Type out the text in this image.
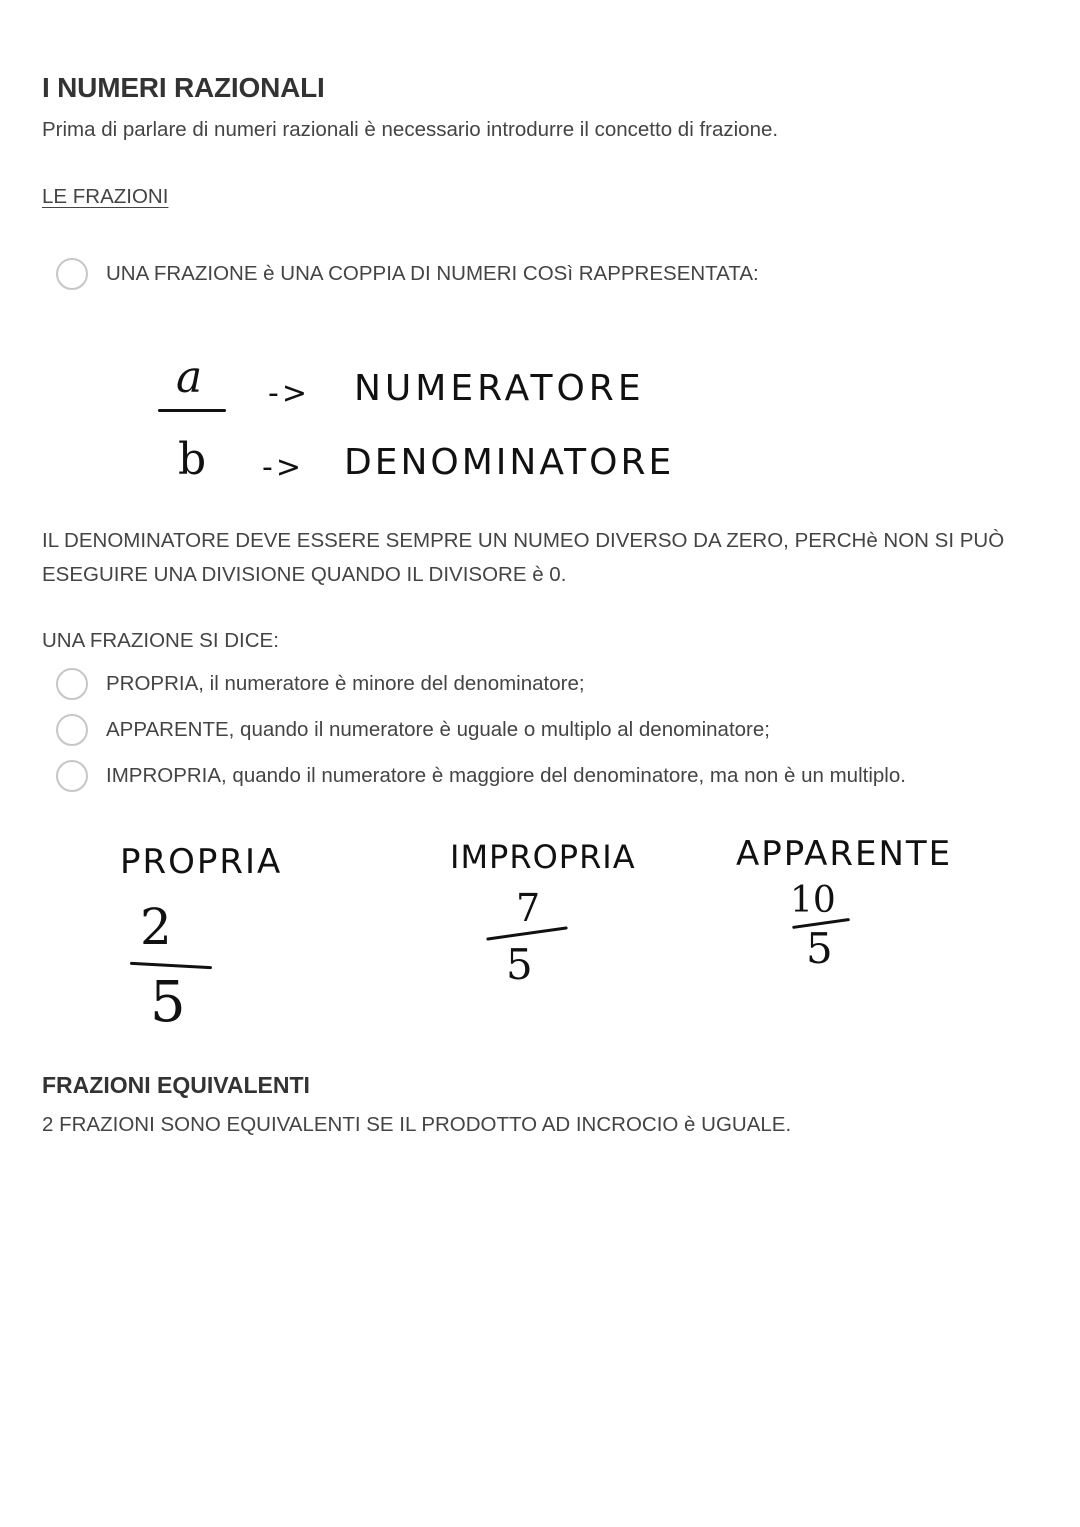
I NUMERI RAZIONALI
Prima di parlare di numeri razionali è necessario introdurre il concetto di frazione.
LE FRAZIONI
UNA FRAZIONE è UNA COPPIA DI NUMERI COSì RAPPRESENTATA:
a
b
-> NUMERATORE
-> DENOMINATORE
IL DENOMINATORE DEVE ESSERE SEMPRE UN NUMEO DIVERSO DA ZERO, PERCHè NON SI PUÒ
ESEGUIRE UNA DIVISIONE QUANDO IL DIVISORE è 0.
UNA FRAZIONE SI DICE:
PROPRIA, il numeratore è minore del denominatore;
APPARENTE, quando il numeratore è uguale o multiplo al denominatore;
IMPROPRIA, quando il numeratore è maggiore del denominatore, ma non è un multiplo.
PROPRIA
2
5
IMPROPRIA
7
5
APPARENTE
10
5
FRAZIONI EQUIVALENTI
2 FRAZIONI SONO EQUIVALENTI SE IL PRODOTTO AD INCROCIO è UGUALE.
